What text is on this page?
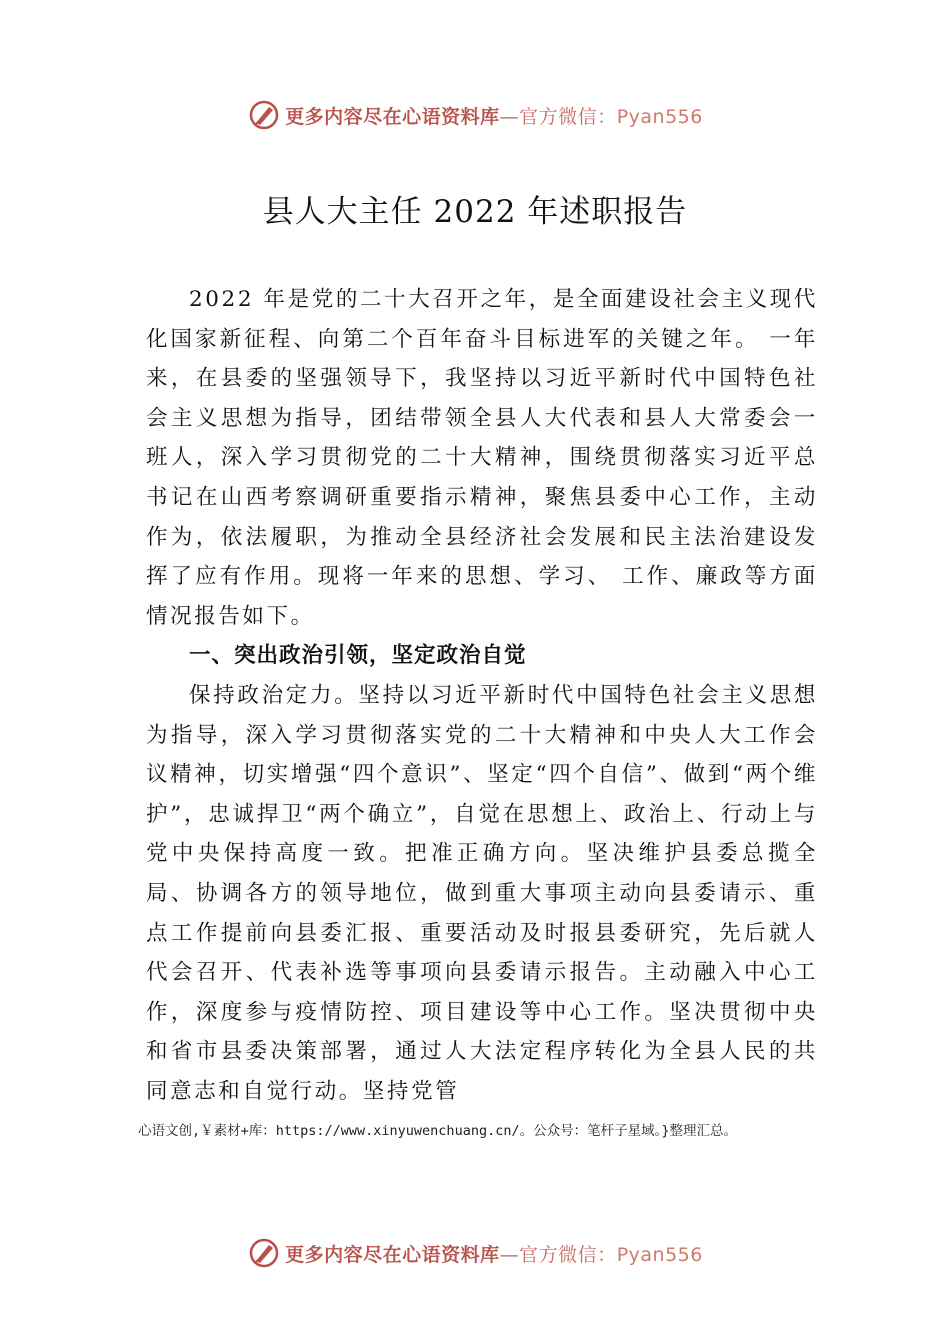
更多内容尽在心语资料库—官方微信：Pyan556
县人大主任 2022 年述职报告

2022 年是党的二十大召开之年，是全面建设社会主义现代化国家新征程、向第二个百年奋斗目标进军的关键之年。 一年来，在县委的坚强领导下，我坚持以习近平新时代中国特色社会主义思想为指导，团结带领全县人大代表和县人大常委会一班人，深入学习贯彻党的二十大精神，围绕贯彻落实习近平总书记在山西考察调研重要指示精神，聚焦县委中心工作，主动作为，依法履职，为推动全县经济社会发展和民主法治建设发挥了应有作用。现将一年来的思想、学习、 工作、廉政等方面情况报告如下。

一、突出政治引领，坚定政治自觉

保持政治定力。坚持以习近平新时代中国特色社会主义思想为指导，深入学习贯彻落实党的二十大精神和中央人大工作会议精神，切实增强“四个意识”、坚定“四个自信”、做到“两个维护”，忠诚捍卫“两个确立”，自觉在思想上、政治上、行动上与党中央保持高度一致。把准正确方向。坚决维护县委总揽全局、协调各方的领导地位，做到重大事项主动向县委请示、重点工作提前向县委汇报、重要活动及时报县委研究，先后就人代会召开、代表补选等事项向县委请示报告。主动融入中心工作，深度参与疫情防控、项目建设等中心工作。坚决贯彻中央和省市县委决策部署，通过人大法定程序转化为全县人民的共同意志和自觉行动。坚持党管

心语文创,￥素材+库：https://www.xinyuwenchuang.cn/。公众号：笔杆子星域。}整理汇总。
更多内容尽在心语资料库—官方微信：Pyan556
